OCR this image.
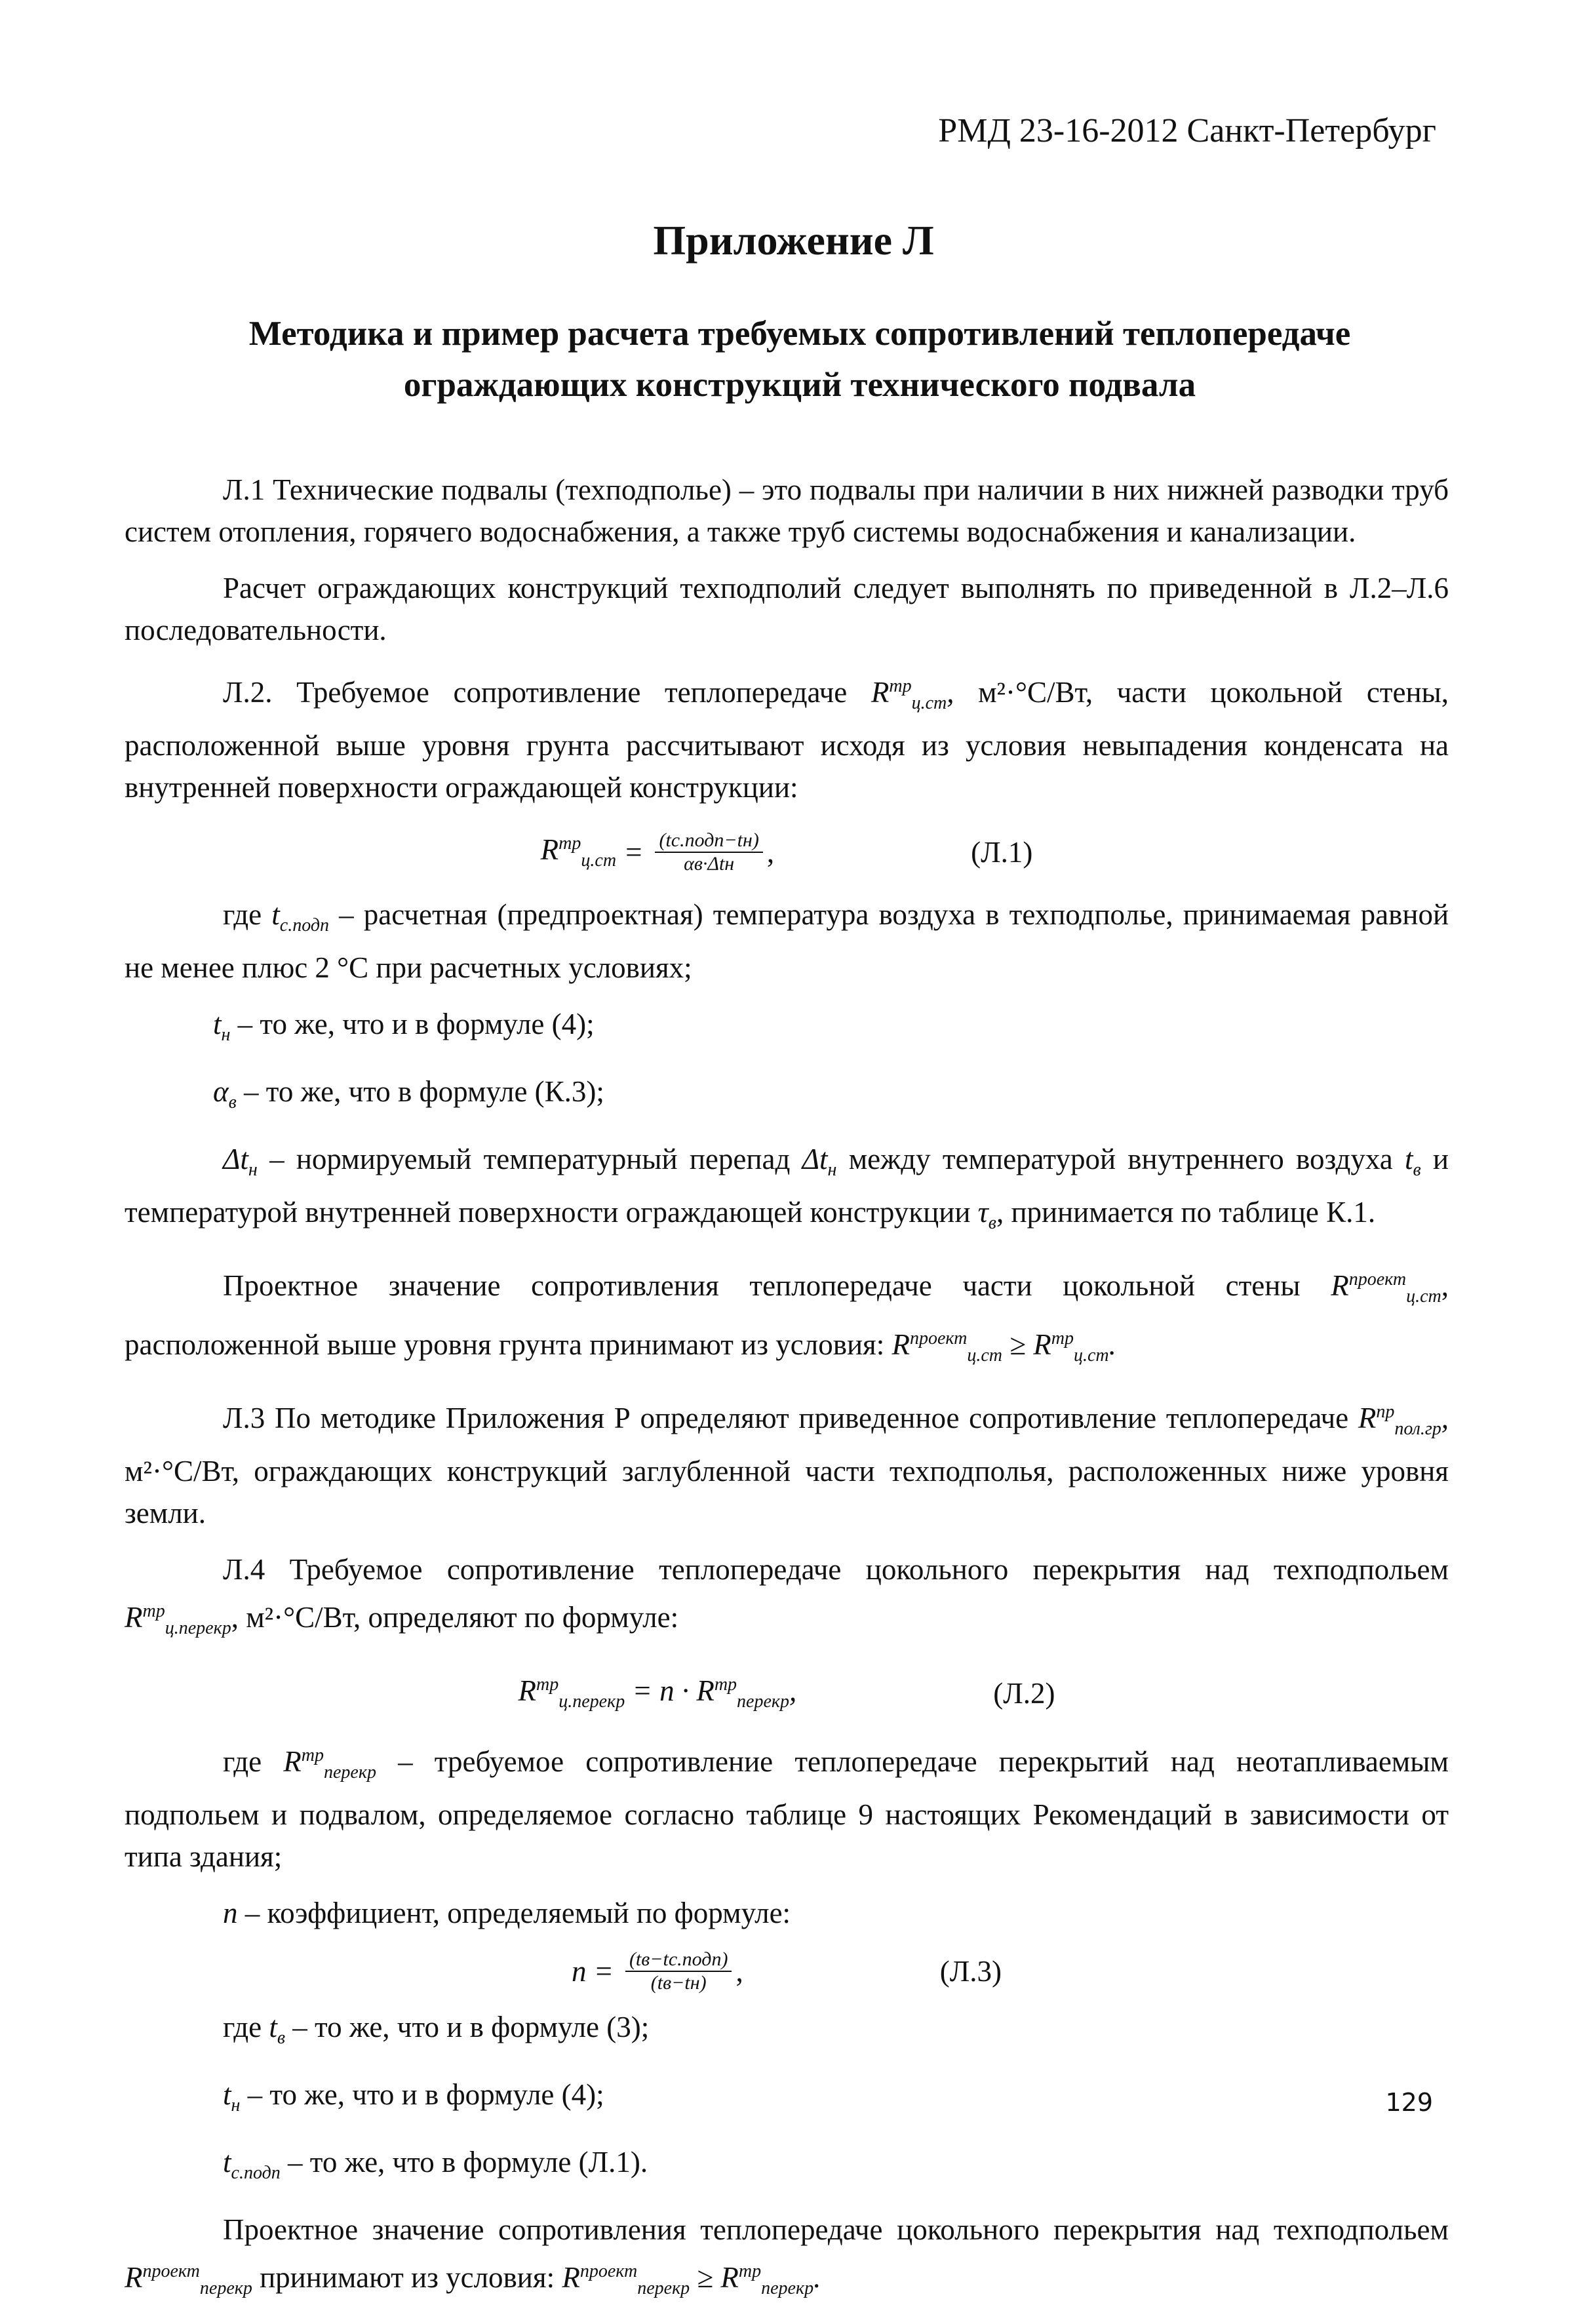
РМД 23-16-2012 Санкт-Петербург
Приложение Л
Методика и пример расчета требуемых сопротивлений теплопередаче
ограждающих конструкций технического подвала

Л.1 Технические подвалы (техподполье) – это подвалы при наличии в них нижней разводки труб систем отопления, горячего водоснабжения, а также труб системы водоснабжения и канализации.

Расчет ограждающих конструкций техподполий следует выполнять по приведенной в Л.2–Л.6 последовательности.

Л.2. Требуемое сопротивление теплопередаче $R^{тр}_{ц.ст}$, м²·°C/Вт, части цокольной стены, расположенной выше уровня грунта рассчитывают исходя из условия невыпадения конденсата на внутренней поверхности ограждающей конструкции:

$R^{тр}_{ц.ст} = \frac{\text{(tс.подп−tн)}}{\text{αв·Δtн}}$ ,	(Л.1)

где $t_{с.подп}$ – расчетная (предпроектная) температура воздуха в техподполье, принимаемая равной не менее плюс 2 °С при расчетных условиях;

$t_н$ – то же, что и в формуле (4);

$\alpha_в$ – то же, что в формуле (К.3);

$\Delta t_н$ – нормируемый температурный перепад $\Delta t_н$ между температурой внутреннего воздуха $t_в$ и температурой внутренней поверхности ограждающей конструкции $\tau_в$, принимается по таблице К.1.

Проектное значение сопротивления теплопередаче части цокольной стены $R^{проект}_{ц.ст}$, расположенной выше уровня грунта принимают из условия: $R^{проект}_{ц.ст} \ge R^{тр}_{ц.ст}$.

Л.3 По методике Приложения Р определяют приведенное сопротивление теплопередаче $R^{пр}_{пол.гр}$, м²·°C/Вт, ограждающих конструкций заглубленной части техподполья, расположенных ниже уровня земли.

Л.4 Требуемое сопротивление теплопередаче цокольного перекрытия над техподпольем $R^{тр}_{ц.перекр}$, м²·°C/Вт, определяют по формуле:

$R^{тр}_{ц.перекр} = n \cdot R^{тр}_{перекр}$,	(Л.2)

где $R^{тр}_{перекр}$ – требуемое сопротивление теплопередаче перекрытий над неотапливаемым подпольем и подвалом, определяемое согласно таблице 9 настоящих Рекомендаций в зависимости от типа здания;

n – коэффициент, определяемый по формуле:

$n = \frac{\text{(tв−tс.подп)}}{(tв-tн)}$ ,	(Л.3)

где $t_в$ – то же, что и в формуле (3);

$t_н$ – то же, что и в формуле (4);

$t_{с.подп}$ – то же, что в формуле (Л.1).

Проектное значение сопротивления теплопередаче цокольного перекрытия над техподпольем $R^{проект}_{перекр}$ принимают из условия: $R^{проект}_{перекр} \ge R^{тр}_{перекр}$.

129
